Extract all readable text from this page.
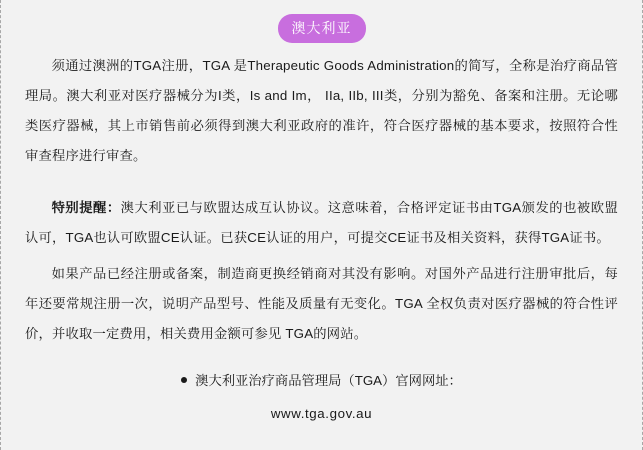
澳大利亚

须通过澳洲的TGA注册，TGA 是Therapeutic Goods Administration的简写，全称是治疗商品管理局。澳大利亚对医疗器械分为I类，Is and Im， IIa, IIb, III类，分别为豁免、备案和注册。无论哪类医疗器械，其上市销售前必须得到澳大利亚政府的准许，符合医疗器械的基本要求，按照符合性审查程序进行审查。

特别提醒：澳大利亚已与欧盟达成互认协议。这意味着，合格评定证书由TGA颁发的也被欧盟认可，TGA也认可欧盟CE认证。已获CE认证的用户，可提交CE证书及相关资料，获得TGA证书。

如果产品已经注册或备案，制造商更换经销商对其没有影响。对国外产品进行注册审批后，每年还要常规注册一次，说明产品型号、性能及质量有无变化。TGA 全权负责对医疗器械的符合性评价，并收取一定费用，相关费用金额可参见 TGA的网站。

澳大利亚治疗商品管理局（TGA）官网网址：
www.tga.gov.au
